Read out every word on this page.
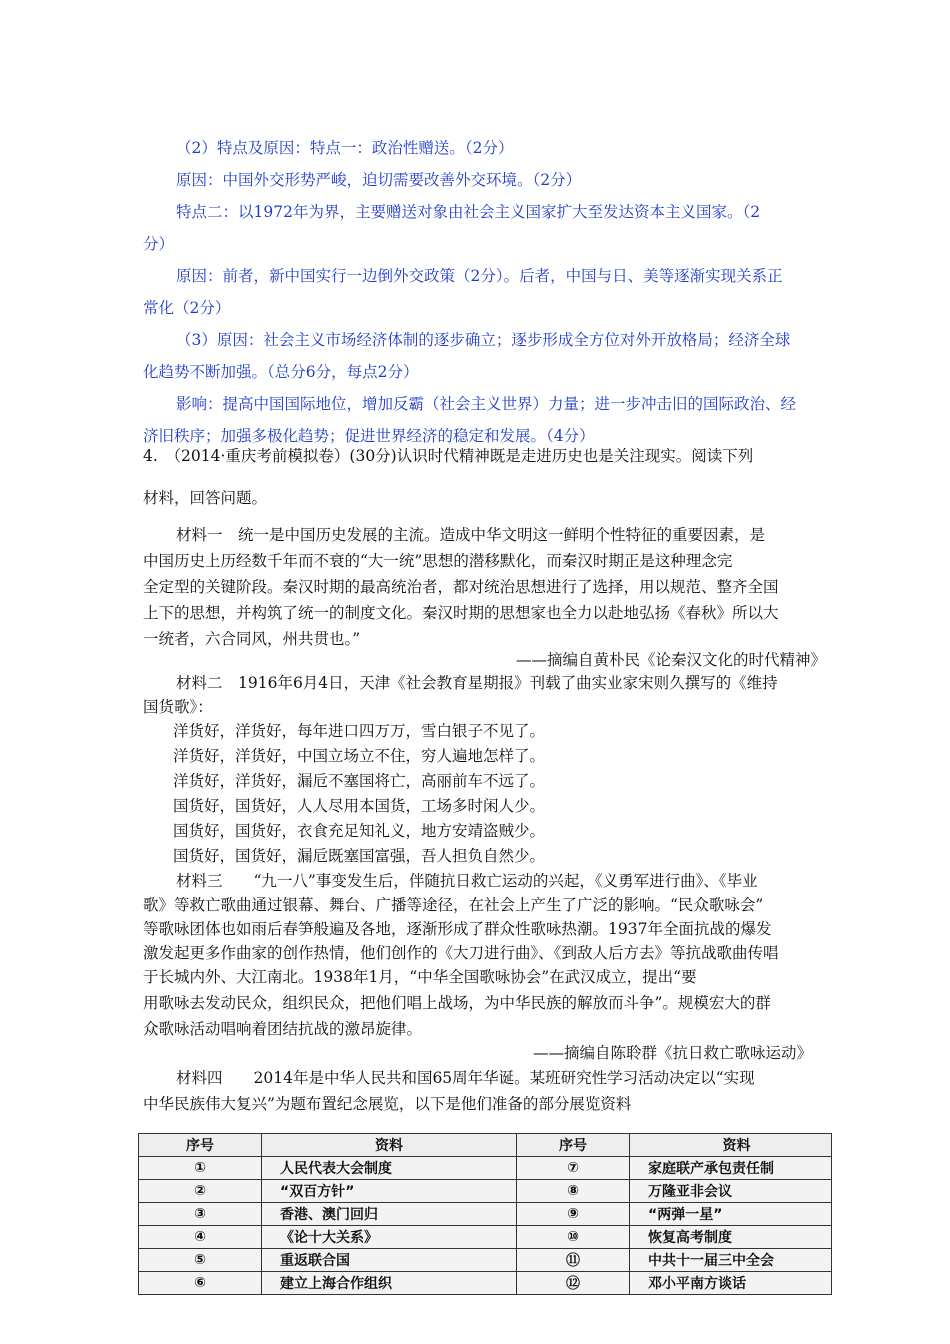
（2）特点及原因：特点一：政治性赠送。（2分）
原因：中国外交形势严峻，迫切需要改善外交环境。（2分）
特点二：以1972年为界，主要赠送对象由社会主义国家扩大至发达资本主义国家。（2
分）
原因：前者，新中国实行一边倒外交政策（2分）。后者，中国与日、美等逐渐实现关系正
常化（2分）
（3）原因：社会主义市场经济体制的逐步确立；逐步形成全方位对外开放格局；经济全球
化趋势不断加强。（总分6分，每点2分）
影响：提高中国国际地位，增加反霸（社会主义世界）力量；进一步冲击旧的国际政治、经
济旧秩序；加强多极化趋势；促进世界经济的稳定和发展。（4分）
4.　（2014·重庆考前模拟卷）(30分)认识时代精神既是走进历史也是关注现实。阅读下列
材料，回答问题。
材料一　统一是中国历史发展的主流。造成中华文明这一鲜明个性特征的重要因素，是
中国历史上历经数千年而不衰的“大一统”思想的潜移默化，而秦汉时期正是这种理念完
全定型的关键阶段。秦汉时期的最高统治者，都对统治思想进行了选择，用以规范、整齐全国
上下的思想，并构筑了统一的制度文化。秦汉时期的思想家也全力以赴地弘扬《春秋》所以大
一统者，六合同风，州共贯也。”
——摘编自黄朴民《论秦汉文化的时代精神》
材料二　1916年6月4日，天津《社会教育星期报》刊载了曲实业家宋则久撰写的《维持
国货歌》：
洋货好，洋货好，每年进口四万万，雪白银子不见了。
洋货好，洋货好，中国立场立不住，穷人遍地怎样了。
洋货好，洋货好，漏卮不塞国将亡，高丽前车不远了。
国货好，国货好，人人尽用本国货，工场多时闲人少。
国货好，国货好，衣食充足知礼义，地方安靖盗贼少。
国货好，国货好，漏卮既塞国富强，吾人担负自然少。
材料三　　“九一八”事变发生后，伴随抗日救亡运动的兴起，《义勇军进行曲》、《毕业
歌》等救亡歌曲通过银幕、舞台、广播等途径，在社会上产生了广泛的影响。“民众歌咏会”
等歌咏团体也如雨后春笋般遍及各地，逐渐形成了群众性歌咏热潮。1937年全面抗战的爆发
激发起更多作曲家的创作热情，他们创作的《大刀进行曲》、《到敌人后方去》等抗战歌曲传唱
于长城内外、大江南北。1938年1月，“中华全国歌咏协会”在武汉成立，提出“要
用歌咏去发动民众，组织民众，把他们唱上战场，为中华民族的解放而斗争”。规模宏大的群
众歌咏活动唱响着团结抗战的激昂旋律。
——摘编自陈聆群《抗日救亡歌咏运动》
材料四　　2014年是中华人民共和国65周年华诞。某班研究性学习活动决定以“实现
中华民族伟大复兴”为题布置纪念展览，以下是他们准备的部分展览资料
序号	资料	序号	资料
①	人民代表大会制度	⑦	家庭联产承包责任制
②	“双百方针”	⑧	万隆亚非会议
③	香港、澳门回归	⑨	“两弹一星”
④	《论十大关系》	⑩	恢复高考制度
⑤	重返联合国	⑪	中共十一届三中全会
⑥	建立上海合作组织	⑫	邓小平南方谈话
